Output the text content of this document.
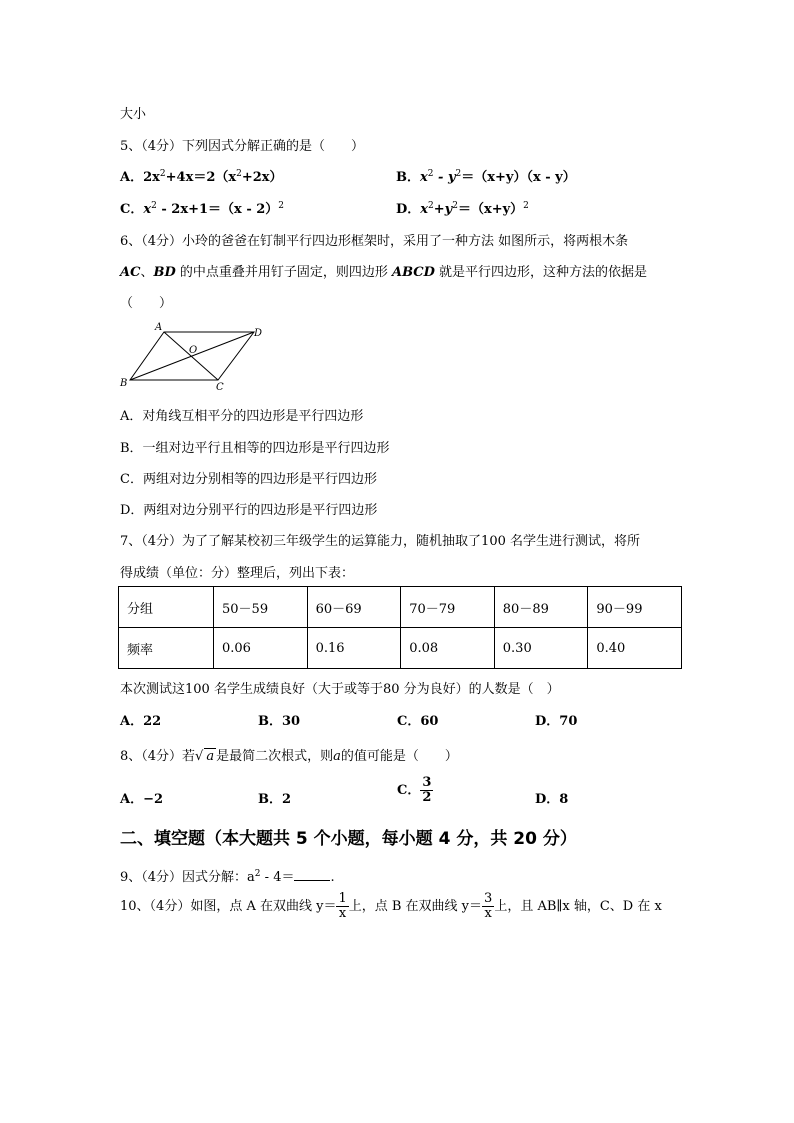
大小
5、（4分）下列因式分解正确的是（　　）
A．$2x^2+4x=2(x^2+2x)$	B．$x^2 - y^2=(x+y)(x - y)$
C．$x^2 - 2x+1=(x - 2)^2$	D．$x^2+y^2=(x+y)^2$
6、（4分）小玲的爸爸在钉制平行四边形框架时，采用了一种方法 如图所示，将两根木条
AC、BD 的中点重叠并用钉子固定，则四边形 ABCD 就是平行四边形，这种方法的依据是
（　　）
A
D
B	C
O
A．对角线互相平分的四边形是平行四边形
B．一组对边平行且相等的四边形是平行四边形
C．两组对边分别相等的四边形是平行四边形
D．两组对边分别平行的四边形是平行四边形
7、（4分）为了了解某校初三年级学生的运算能力，随机抽取了100 名学生进行测试，将所
得成绩（单位：分）整理后，列出下表：
分组	50－59	60－69	70－79	80－89	90－99
频率	0.06	0.16	0.08	0.30	0.40
本次测试这100 名学生成绩良好（大于或等于80 分为良好）的人数是（　）
A．22	B．30	C．60	D．70
8、（4分）若√ a 是最简二次根式，则a的值可能是（　　）
A．−2	B．2
C． $\frac{3}{2}$	D．8
二、填空题（本大题共 5 个小题，每小题 4 分，共 20 分）
9、（4分）因式分解：$a^2 - 4=$	.
10、（4分）如图，点 A 在双曲线 $y= \frac{1}{x}$ 上，点 B 在双曲线 $y= \frac{3}{x}$ 上，且 AB∥x 轴，C、D 在 x
